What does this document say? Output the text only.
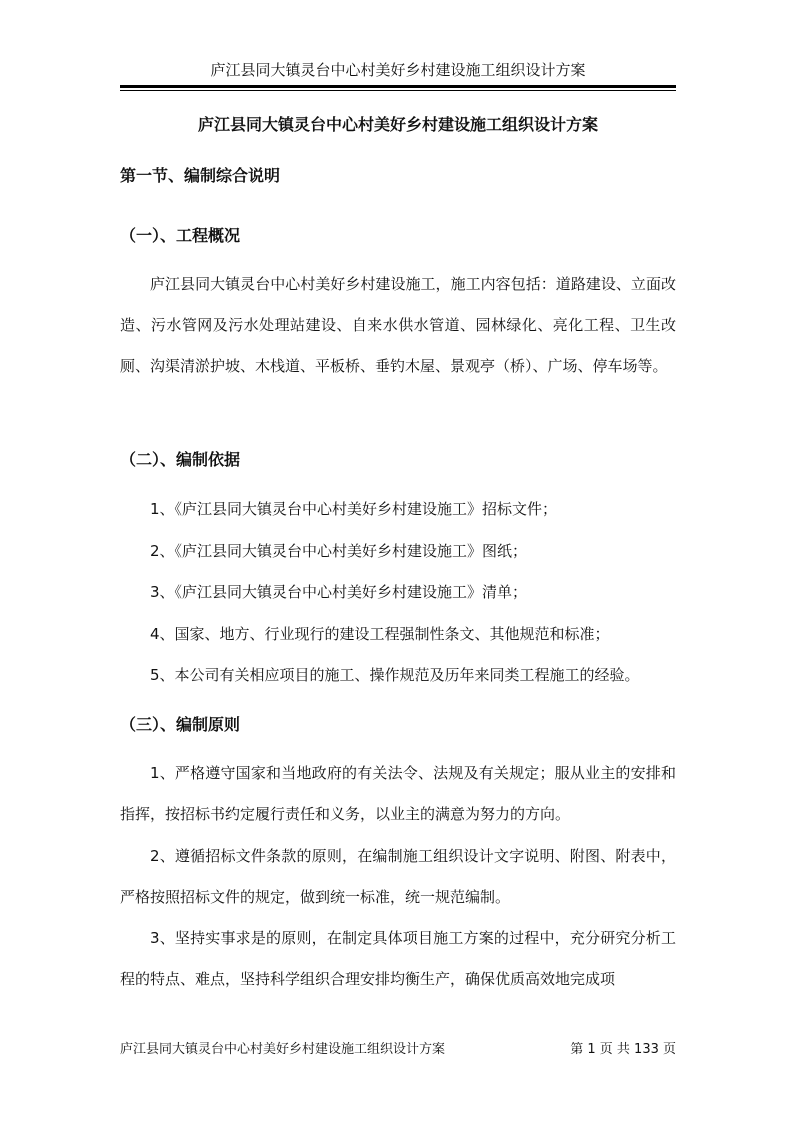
庐江县同大镇灵台中心村美好乡村建设施工组织设计方案
庐江县同大镇灵台中心村美好乡村建设施工组织设计方案
第一节、编制综合说明
（一）、工程概况

庐江县同大镇灵台中心村美好乡村建设施工，施工内容包括：道路建设、立面改造、污水管网及污水处理站建设、自来水供水管道、园林绿化、亮化工程、卫生改厕、沟渠清淤护坡、木栈道、平板桥、垂钓木屋、景观亭（桥）、广场、停车场等。

（二）、编制依据
1、《庐江县同大镇灵台中心村美好乡村建设施工》招标文件；
2、《庐江县同大镇灵台中心村美好乡村建设施工》图纸；
3、《庐江县同大镇灵台中心村美好乡村建设施工》清单；
4、国家、地方、行业现行的建设工程强制性条文、其他规范和标准；
5、本公司有关相应项目的施工、操作规范及历年来同类工程施工的经验。
（三）、编制原则

1、严格遵守国家和当地政府的有关法令、法规及有关规定；服从业主的安排和指挥，按招标书约定履行责任和义务，以业主的满意为努力的方向。

2、遵循招标文件条款的原则，在编制施工组织设计文字说明、附图、附表中，严格按照招标文件的规定，做到统一标准，统一规范编制。

3、坚持实事求是的原则，在制定具体项目施工方案的过程中，充分研究分析工程的特点、难点，坚持科学组织合理安排均衡生产，确保优质高效地完成项

庐江县同大镇灵台中心村美好乡村建设施工组织设计方案	第 1 页 共 133 页
